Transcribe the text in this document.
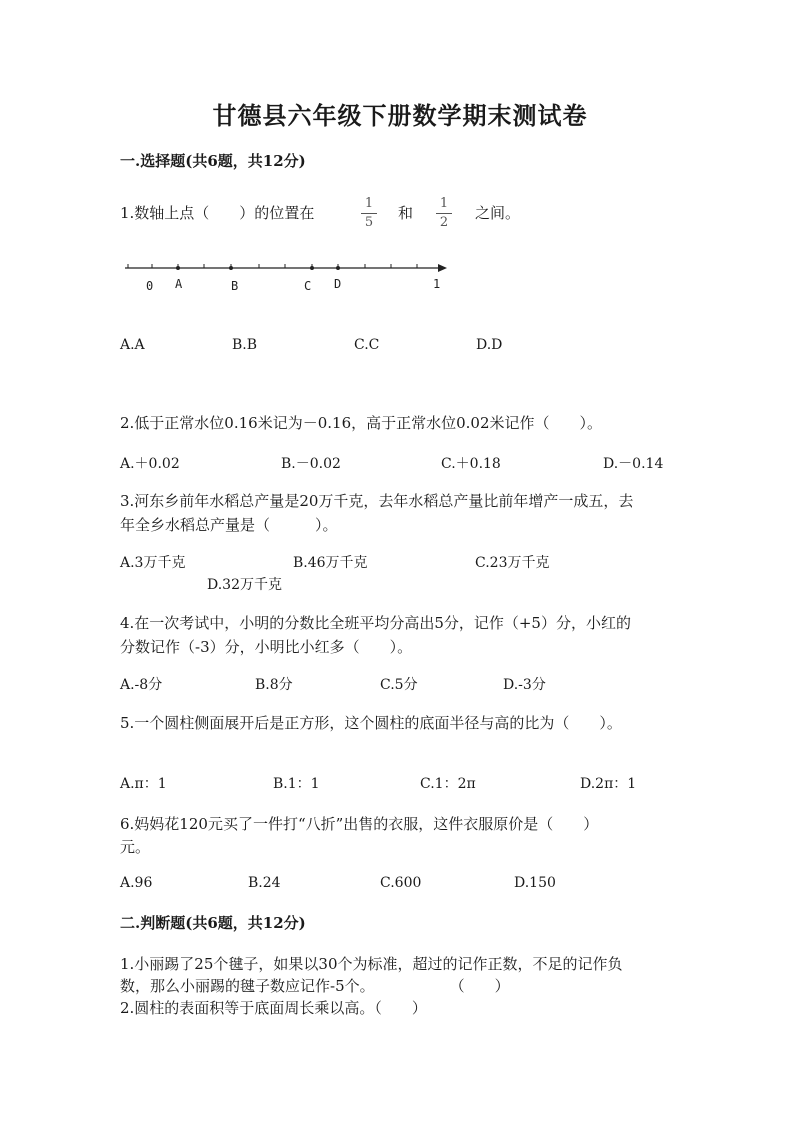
甘德县六年级下册数学期末测试卷
一.选择题(共6题，共12分)
1.数轴上点（　　）的位置在
1
5
和
1
2
之间。
0 A	B	C D	1
A.A	B.B	C.C	D.D
2.低于正常水位0.16米记为－0.16，高于正常水位0.02米记作（　　）。
A.＋0.02	B.－0.02	C.＋0.18	D.－0.14
3.河东乡前年水稻总产量是20万千克，去年水稻总产量比前年增产一成五，去
年全乡水稻总产量是（　　　）。
A.3万千克	B.46万千克	C.23万千克
D.32万千克
4.在一次考试中，小明的分数比全班平均分高出5分，记作（+5）分，小红的
分数记作（-3）分，小明比小红多（　　）。
A.-8分	B.8分	C.5分	D.-3分
5.一个圆柱侧面展开后是正方形，这个圆柱的底面半径与高的比为（　　）。
A.π：1	B.1：1	C.1：2π	D.2π：1
6.妈妈花120元买了一件打“八折”出售的衣服，这件衣服原价是（　　）
元。
A.96	B.24	C.600	D.150
二.判断题(共6题，共12分)
1.小丽踢了25个毽子，如果以30个为标准，超过的记作正数，不足的记作负
数，那么小丽踢的毽子数应记作-5个。　　　　　　（　　）
2.圆柱的表面积等于底面周长乘以高。（　　）
